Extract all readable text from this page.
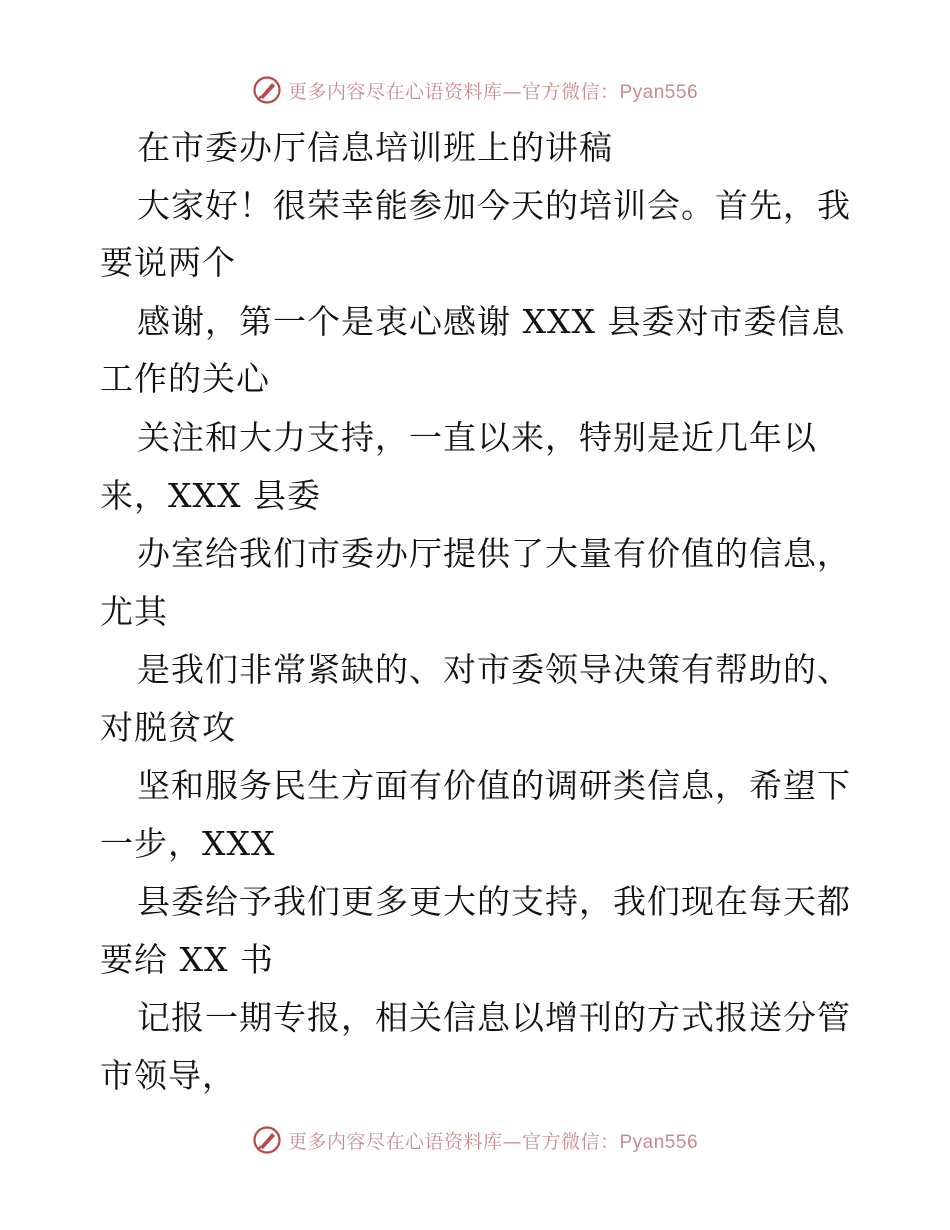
更多内容尽在心语资料库—官方微信：Pyan556
在市委办厅信息培训班上的讲稿
大家好！很荣幸能参加今天的培训会。首先，我
要说两个
感谢，第一个是衷心感谢 XXX 县委对市委信息
工作的关心
关注和大力支持，一直以来，特别是近几年以
来，XXX 县委
办室给我们市委办厅提供了大量有价值的信息，
尤其
是我们非常紧缺的、对市委领导决策有帮助的、
对脱贫攻
坚和服务民生方面有价值的调研类信息，希望下
一步，XXX
县委给予我们更多更大的支持，我们现在每天都
要给 XX 书
记报一期专报，相关信息以增刊的方式报送分管
市领导，
更多内容尽在心语资料库—官方微信：Pyan556
